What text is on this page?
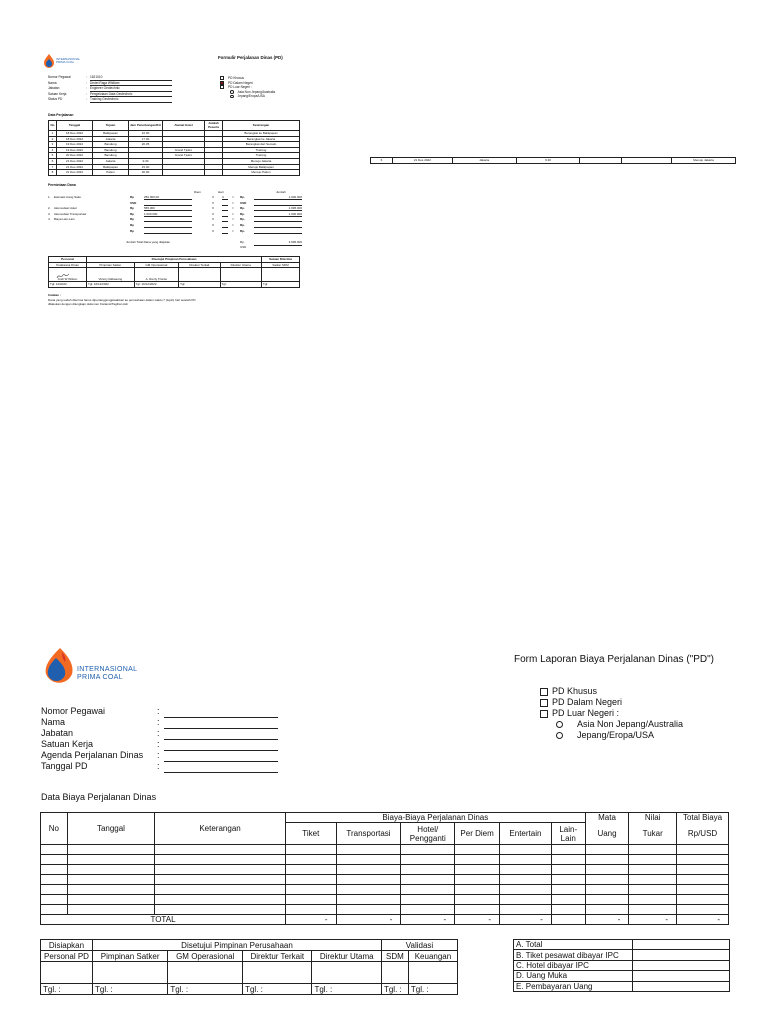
INTERNASIONAL
PRIMA COAL
Formulir Perjalanan Dinas (PD)
Nomor Pegawai	: 1621010
Nama	: Dedet Raga Whitlam
Jabatan	: Engineer Geotechnic
Satuan Kerja	: Pengelolaan Data Geotechnic
Status PD	: Training Geotechnic
PD Khusus
PD Dalam Negeri
PD Luar Negeri :
Asia Non Jepang/Australia
Jepang/Eropa/USA
Data Perjalanan
No	Tanggal	Tujuan	Jam Penerbangan/KA	Alamat Hotel	Jumlah Peserta	Keterangan
1	18 Des 2022	Balikpapan	16.00			Berangkat ke Balikpapan
2	18 Des 2022	Jakarta	17.00			Berangkat ke Jakarta
3	19 Des 2022	Bandung	20.35			Berangkat dari Semalo
4	19 Des 2022	Bandung		Grand Tjokro		Training
5	20 Des 2022	Bandung		Grand Tjokro		Training
6	21 Des 2022	Jakarta	9.30			Menuju Jakarta
7	21 Des 2022	Balikpapan	15.00			Menuju Balikpapan
8	21 Des 2022	Paiton	20.00			Menuju Paiton
Permintaan Dana
Diem	Hari	Jumlah
1. Estimasi Uang Saku	Rp	250.000,00	X	4	= Rp.	1.000.000
USD	X	= USD
2. Akomodasi Hotel	Rp	565.000	X	= Rp.	1.695.000
3. Akomodasi Transportasi	Rp	1.000.000	X	= Rp.	1.000.000
4. Biaya Lain-Lain	Rp	X	= Rp.
Rp	X	= Rp.
Rp	X	= Rp.
Jumlah Total Dana yang diajukan	Rp.	3.695.000
USD
Personal	Disetujui Pimpinan Perusahaan				Satuan Diterima
Pelaksana Dinas	Pimpinan Satker	GM Operasional	Direktur Terkait	Direktur Utama	Satkar SDM
Andi W Wilson	Victory Rabasung	A. Renty Trianto			
Tgl: 12/2022	Tgl: 16/12/2022	Tgl: 16/12/2022	Tgl:	Tgl:	Tgl:
Catatan :
Dana yang sudah diterima harus dipertanggungjawabkan ke perusahaan dalam waktu 7 (tujuh) hari setelah PD
dilakukan dengan dilengkapi dokumen Kwitansi/Tagihan Asli
6	21 Des 2022	Jakarta	9.30			Menuju Jakarta
INTERNASIONAL
PRIMA COAL
Form Laporan Biaya Perjalanan Dinas ("PD")
PD Khusus
PD Dalam Negeri
PD Luar Negeri :
Asia Non Jepang/Australia
Jepang/Eropa/USA
Nomor Pegawai	:
Nama	:
Jabatan	:
Satuan Kerja	:
Agenda Perjalanan Dinas :
Tanggal PD	:
Data Biaya Perjalanan Dinas
No	Tanggal	Keterangan	Biaya-Biaya Perjalanan Dinas						Mata	Nilai	Total Biaya
			Tiket	Transportasi	Hotel/ Pengganti	Per Diem	Entertain	Lain- Lain	Uang	Tukar	Rp/USD

TOTAL			-	-	-	-	-		-	-	-
Disiapkan	Disetujui Pimpinan Perusahaan				Validasi	
Personal PD	Pimpinan Satker	GM Operasional	Direktur Terkait	Direktur Utama	SDM	Keuangan

Tgl. :	Tgl. :	Tgl. :	Tgl. :	Tgl. :	Tgl. :	Tgl. :
A. Total	
B. Tiket pesawat dibayar IPC	
C. Hotel dibayar IPC	
D. Uang Muka	
E. Pembayaran Uang	
